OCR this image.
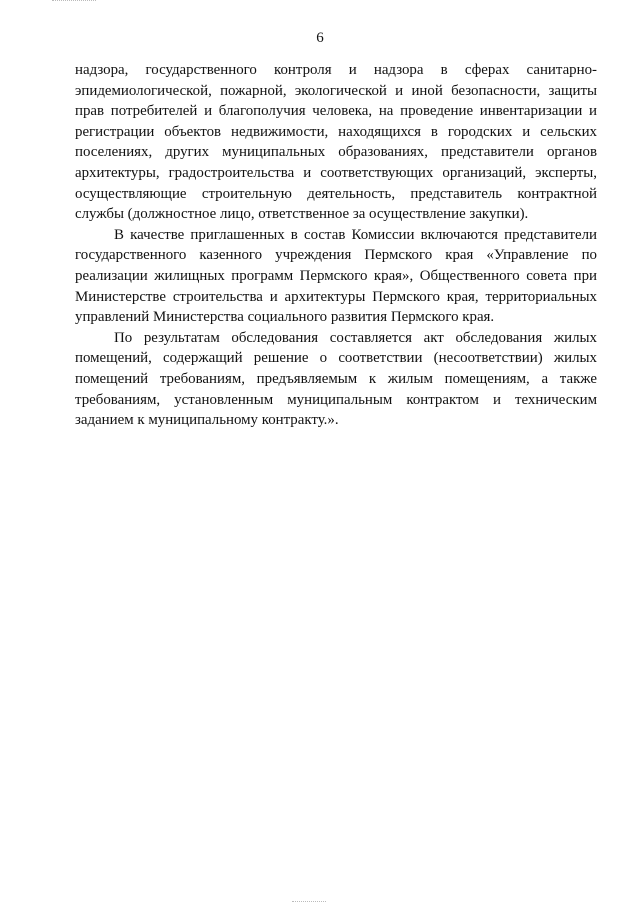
6

надзора, государственного контроля и надзора в сферах санитарно-эпидемиологической, пожарной, экологической и иной безопасности, защиты прав потребителей и благополучия человека, на проведение инвентаризации и регистрации объектов недвижимости, находящихся в городских и сельских поселениях, других муниципальных образованиях, представители органов архитектуры, градостроительства и соответствующих организаций, эксперты, осуществляющие строительную деятельность, представитель контрактной службы (должностное лицо, ответственное за осуществление закупки).

В качестве приглашенных в состав Комиссии включаются представители государственного казенного учреждения Пермского края «Управление по реализации жилищных программ Пермского края», Общественного совета при Министерстве строительства и архитектуры Пермского края, территориальных управлений Министерства социального развития Пермского края.

По результатам обследования составляется акт обследования жилых помещений, содержащий решение о соответствии (несоответствии) жилых помещений требованиям, предъявляемым к жилым помещениям, а также требованиям, установленным муниципальным контрактом и техническим заданием к муниципальному контракту.».
